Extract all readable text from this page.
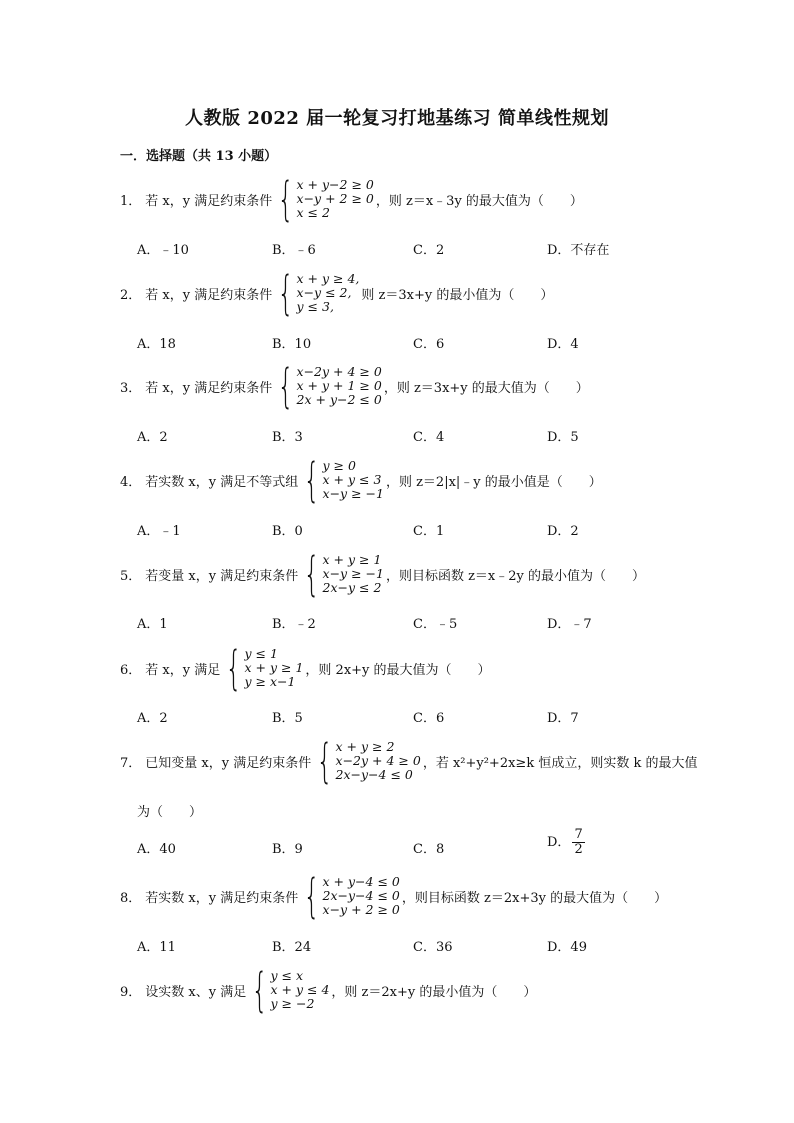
人教版 2022 届一轮复习打地基练习 简单线性规划
一．选择题（共 13 小题）
1． 若 x，y 满足约束条件 { x + y−2 ≥ 0
x−y + 2 ≥ 0
x ≤ 2
，则 z＝x﹣3y 的最大值为（　　）
A．﹣10	B．﹣6	C．2	D．不存在
2． 若 x，y 满足约束条件 { x + y ≥ 4,
x−y ≤ 2,
y ≤ 3,
则 z＝3x+y 的最小值为（　　）
A．18	B．10	C．6	D．4
3． 若 x，y 满足约束条件 { x−2y + 4 ≥ 0
x + y + 1 ≥ 0
2x + y−2 ≤ 0
，则 z＝3x+y 的最大值为（　　）
A．2	B．3	C．4	D．5
4． 若实数 x，y 满足不等式组 { y ≥ 0
x + y ≤ 3
x−y ≥ −1
，则 z＝2|x|﹣y 的最小值是（　　）
A．﹣1	B．0	C．1	D．2
5． 若变量 x，y 满足约束条件 { x + y ≥ 1
x−y ≥ −1
2x−y ≤ 2
，则目标函数 z＝x﹣2y 的最小值为（　　）
A．1	B．﹣2	C．﹣5	D．﹣7
6． 若 x，y 满足 { y ≤ 1
x + y ≥ 1
y ≥ x−1
，则 2x+y 的最大值为（　　）
A．2	B．5	C．6	D．7
7． 已知变量 x，y 满足约束条件 { x + y ≥ 2
x−2y + 4 ≥ 0
2x−y−4 ≤ 0
，若 x²+y²+2x≥k 恒成立，则实数 k 的最大值
为（　　）
A．40	B．9	C．8	D． $\frac{7}{2}$
8． 若实数 x，y 满足约束条件 { x + y−4 ≤ 0
2x−y−4 ≤ 0
x−y + 2 ≥ 0
，则目标函数 z＝2x+3y 的最大值为（　　）
A．11	B．24	C．36	D．49
9． 设实数 x、y 满足 { y ≤ x
x + y ≤ 4
y ≥ −2
，则 z＝2x+y 的最小值为（　　）
